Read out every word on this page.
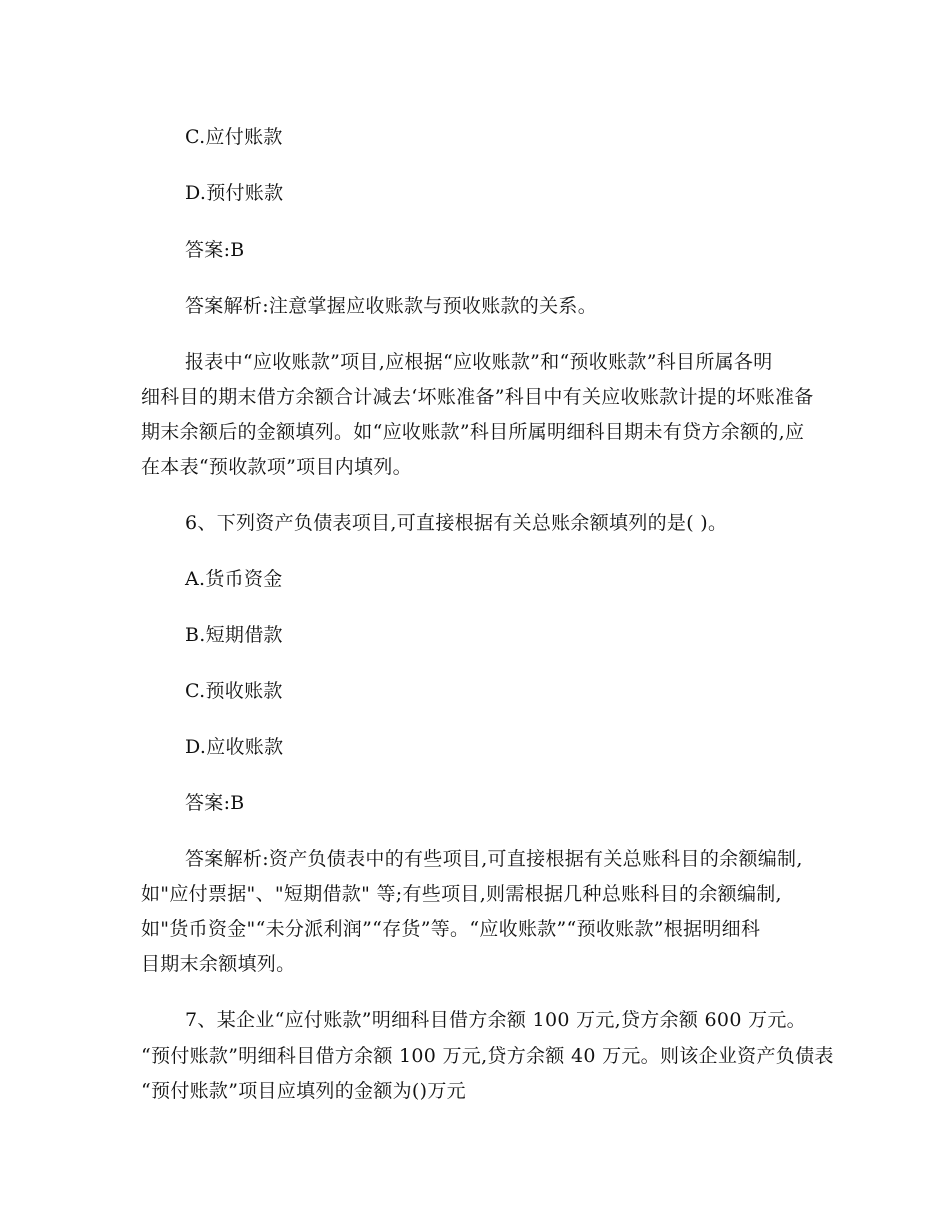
C.应付账款
D.预付账款
答案:B
答案解析:注意掌握应收账款与预收账款的关系。
报表中“应收账款”项目,应根据“应收账款”和“预收账款”科目所属各明
细科目的期末借方余额合计减去‘坏账准备”科目中有关应收账款计提的坏账准备
期末余额后的金额填列。如“应收账款”科目所属明细科目期未有贷方余额的,应
在本表“预收款项”项目内填列。
6、下列资产负债表项目,可直接根据有关总账余额填列的是( )。
A.货币资金
B.短期借款
C.预收账款
D.应收账款
答案:B
答案解析:资产负债表中的有些项目,可直接根据有关总账科目的余额编制,
如"应付票据"、"短期借款" 等;有些项目,则需根据几种总账科目的余额编制,
如"货币资金"“未分派利润”“存货”等。“应收账款”“预收账款”根据明细科
目期末余额填列。
7、某企业“应付账款”明细科目借方余额 100 万元,贷方余额 600 万元。
“预付账款”明细科目借方余额 100 万元,贷方余额 40 万元。则该企业资产负债表
“预付账款”项目应填列的金额为()万元
